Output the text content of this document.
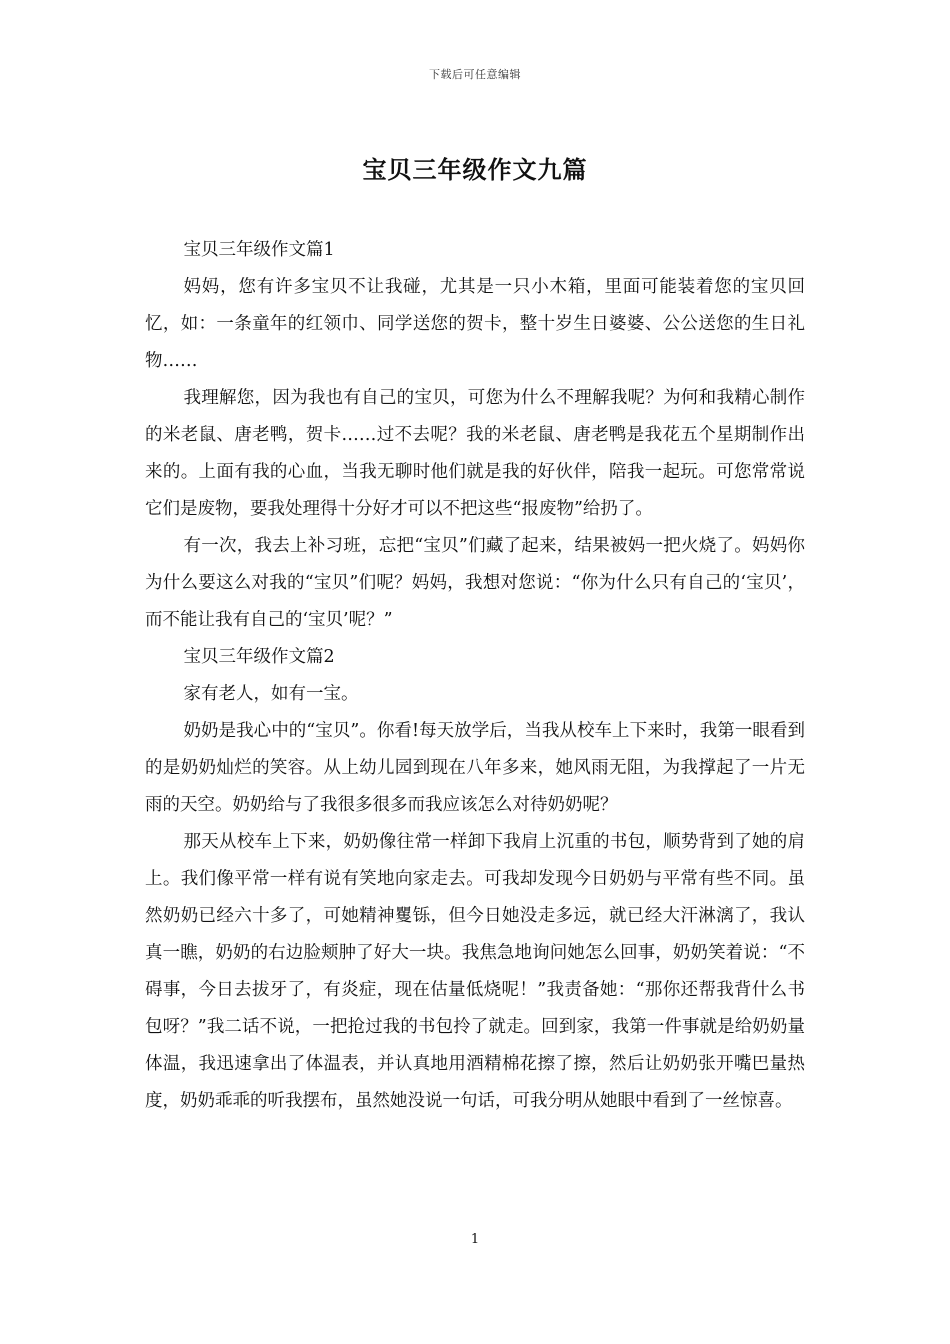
下载后可任意编辑
宝贝三年级作文九篇

宝贝三年级作文篇1

妈妈，您有许多宝贝不让我碰，尤其是一只小木箱，里面可能装着您的宝贝回忆，如：一条童年的红领巾、同学送您的贺卡，整十岁生日婆婆、公公送您的生日礼物……

我理解您，因为我也有自己的宝贝，可您为什么不理解我呢？为何和我精心制作的米老鼠、唐老鸭，贺卡……过不去呢？我的米老鼠、唐老鸭是我花五个星期制作出来的。上面有我的心血，当我无聊时他们就是我的好伙伴，陪我一起玩。可您常常说它们是废物，要我处理得十分好才可以不把这些“报废物”给扔了。

有一次，我去上补习班，忘把“宝贝”们藏了起来，结果被妈一把火烧了。妈妈你为什么要这么对我的“宝贝”们呢？妈妈，我想对您说：“你为什么只有自己的‘宝贝’，而不能让我有自己的‘宝贝’呢？”

宝贝三年级作文篇2

家有老人，如有一宝。

奶奶是我心中的“宝贝”。你看!每天放学后，当我从校车上下来时，我第一眼看到的是奶奶灿烂的笑容。从上幼儿园到现在八年多来，她风雨无阻，为我撑起了一片无雨的天空。奶奶给与了我很多很多而我应该怎么对待奶奶呢？

那天从校车上下来，奶奶像往常一样卸下我肩上沉重的书包，顺势背到了她的肩上。我们像平常一样有说有笑地向家走去。可我却发现今日奶奶与平常有些不同。虽然奶奶已经六十多了，可她精神矍铄，但今日她没走多远，就已经大汗淋漓了，我认真一瞧，奶奶的右边脸颊肿了好大一块。我焦急地询问她怎么回事，奶奶笑着说：“不碍事，今日去拔牙了，有炎症，现在估量低烧呢！”我责备她：“那你还帮我背什么书包呀？”我二话不说，一把抢过我的书包拎了就走。回到家，我第一件事就是给奶奶量体温，我迅速拿出了体温表，并认真地用酒精棉花擦了擦，然后让奶奶张开嘴巴量热度，奶奶乖乖的听我摆布，虽然她没说一句话，可我分明从她眼中看到了一丝惊喜。

1
